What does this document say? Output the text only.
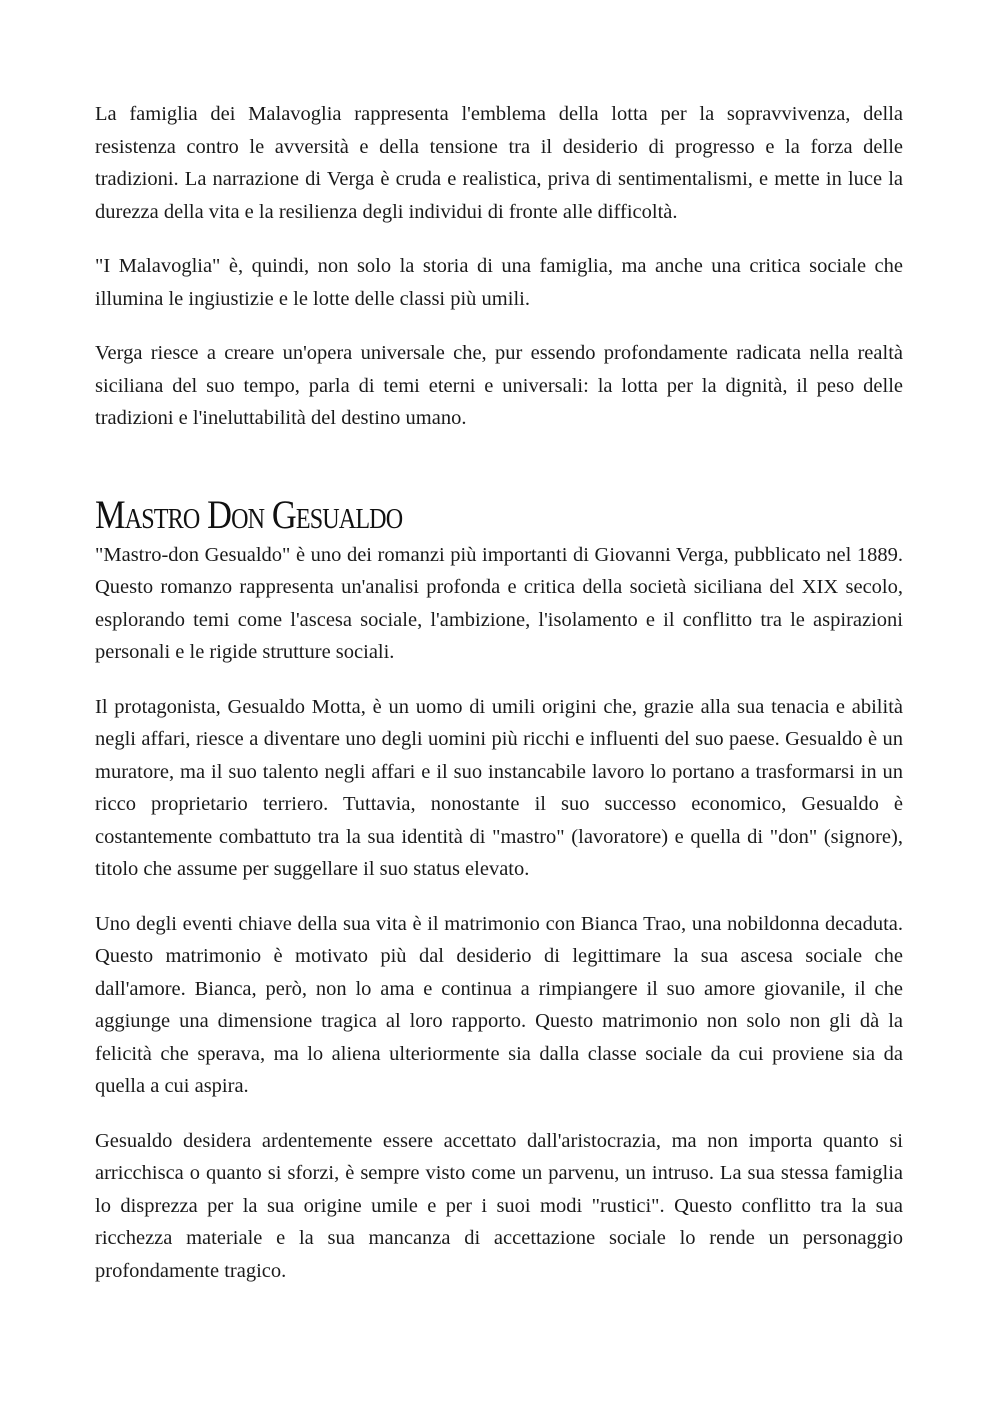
La famiglia dei Malavoglia rappresenta l'emblema della lotta per la sopravvivenza, della resistenza contro le avversità e della tensione tra il desiderio di progresso e la forza delle tradizioni. La narrazione di Verga è cruda e realistica, priva di sentimentalismi, e mette in luce la durezza della vita e la resilienza degli individui di fronte alle difficoltà.

"I Malavoglia" è, quindi, non solo la storia di una famiglia, ma anche una critica sociale che illumina le ingiustizie e le lotte delle classi più umili.

Verga riesce a creare un'opera universale che, pur essendo profondamente radicata nella realtà siciliana del suo tempo, parla di temi eterni e universali: la lotta per la dignità, il peso delle tradizioni e l'ineluttabilità del destino umano.

Mastro Don Gesualdo

"Mastro-don Gesualdo" è uno dei romanzi più importanti di Giovanni Verga, pubblicato nel 1889. Questo romanzo rappresenta un'analisi profonda e critica della società siciliana del XIX secolo, esplorando temi come l'ascesa sociale, l'ambizione, l'isolamento e il conflitto tra le aspirazioni personali e le rigide strutture sociali.

Il protagonista, Gesualdo Motta, è un uomo di umili origini che, grazie alla sua tenacia e abilità negli affari, riesce a diventare uno degli uomini più ricchi e influenti del suo paese. Gesualdo è un muratore, ma il suo talento negli affari e il suo instancabile lavoro lo portano a trasformarsi in un ricco proprietario terriero. Tuttavia, nonostante il suo successo economico, Gesualdo è costantemente combattuto tra la sua identità di "mastro" (lavoratore) e quella di "don" (signore), titolo che assume per suggellare il suo status elevato.

Uno degli eventi chiave della sua vita è il matrimonio con Bianca Trao, una nobildonna decaduta. Questo matrimonio è motivato più dal desiderio di legittimare la sua ascesa sociale che dall'amore. Bianca, però, non lo ama e continua a rimpiangere il suo amore giovanile, il che aggiunge una dimensione tragica al loro rapporto. Questo matrimonio non solo non gli dà la felicità che sperava, ma lo aliena ulteriormente sia dalla classe sociale da cui proviene sia da quella a cui aspira.

Gesualdo desidera ardentemente essere accettato dall'aristocrazia, ma non importa quanto si arricchisca o quanto si sforzi, è sempre visto come un parvenu, un intruso. La sua stessa famiglia lo disprezza per la sua origine umile e per i suoi modi "rustici". Questo conflitto tra la sua ricchezza materiale e la sua mancanza di accettazione sociale lo rende un personaggio profondamente tragico.
